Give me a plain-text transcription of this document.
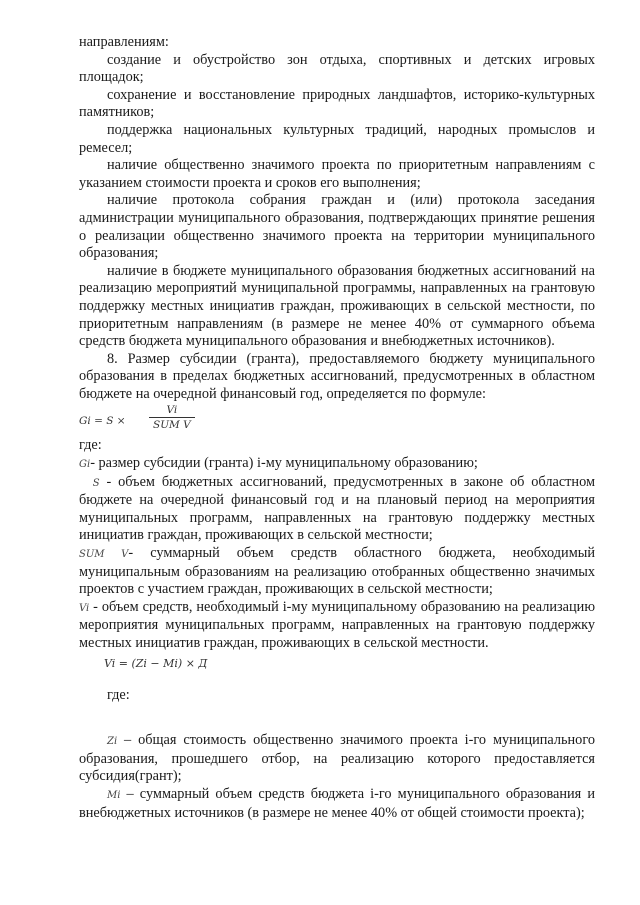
направлениям:

создание и обустройство зон отдыха, спортивных и детских игровых площадок;

сохранение и восстановление природных ландшафтов, историко-культурных памятников;

поддержка национальных культурных традиций, народных промыслов и ремесел;

наличие общественно значимого проекта по приоритетным направлениям с указанием стоимости проекта и сроков его выполнения;

наличие протокола собрания граждан и (или) протокола заседания администрации муниципального образования, подтверждающих принятие решения о реализации общественно значимого проекта на территории муниципального образования;

наличие в бюджете муниципального образования бюджетных ассигнований на реализацию мероприятий муниципальной программы, направленных на грантовую поддержку местных инициатив граждан, проживающих в сельской местности, по приоритетным направлениям (в размере не менее 40% от суммарного объема средств бюджета муниципального образования и внебюджетных источников).

8. Размер субсидии (гранта), предоставляемого бюджету муниципального образования в пределах бюджетных ассигнований, предусмотренных в областном бюджете на очередной финансовый год, определяется по формуле:

Gi = S ×
Vi
SUM V

где:

Gi- размер субсидии (гранта) i-му муниципальному образованию;

S - объем бюджетных ассигнований, предусмотренных в законе об областном бюджете на очередной финансовый год и на плановый период на мероприятия муниципальных программ, направленных на грантовую поддержку местных инициатив граждан, проживающих в сельской местности;

SUM V- суммарный объем средств областного бюджета, необходимый муниципальным образованиям на реализацию отобранных общественно значимых проектов с участием граждан, проживающих в сельской местности;

Vi - объем средств, необходимый i-му муниципальному образованию на реализацию мероприятия муниципальных программ, направленных на грантовую поддержку местных инициатив граждан, проживающих в сельской местности.

Vi = (Zi − Mi) × Д

где:

Zi – общая стоимость общественно значимого проекта i-го муниципального образования, прошедшего отбор, на реализацию которого предоставляется субсидия(грант);

Mi – суммарный объем средств бюджета i-го муниципального образования и внебюджетных источников (в размере не менее 40% от общей стоимости проекта);
